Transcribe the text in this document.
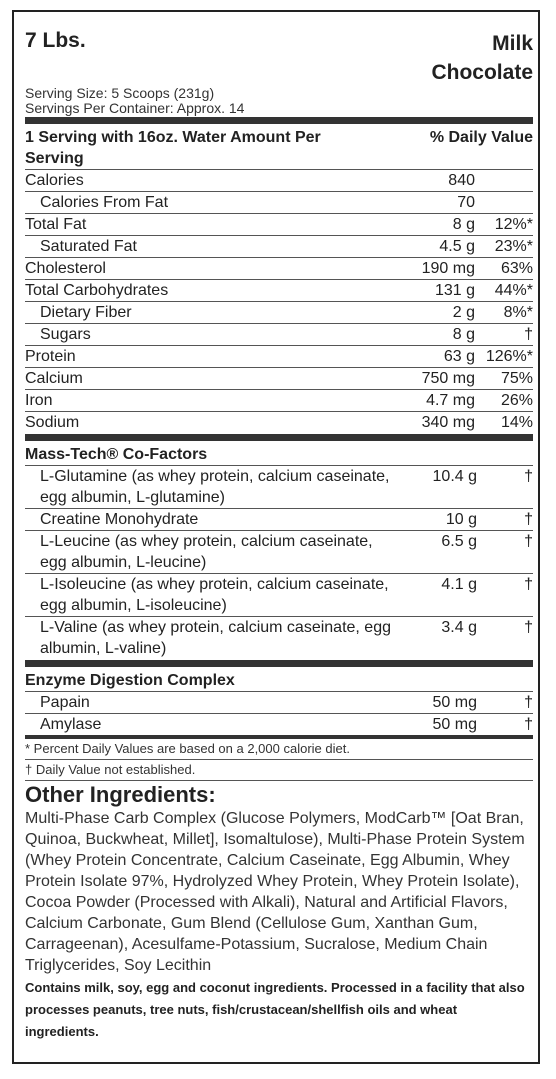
7 Lbs.	Milk
Chocolate
Serving Size: 5 Scoops (231g)
Servings Per Container: Approx. 14
1 Serving with 16oz. Water Amount Per Serving
% Daily Value
Calories	840
Calories From Fat	70
Total Fat	8 g	12%*
Saturated Fat	4.5 g	23%*
Cholesterol	190 mg	63%
Total Carbohydrates	131 g	44%*
Dietary Fiber	2 g	8%*
Sugars	8 g	†
Protein	63 g 126%*
Calcium	750 mg	75%
Iron	4.7 mg	26%
Sodium	340 mg	14%
Mass-Tech® Co-Factors
L-Glutamine (as whey protein, calcium caseinate, egg albumin, L-glutamine)
10.4 g	†
Creatine Monohydrate	10 g	†
L-Leucine (as whey protein, calcium caseinate, egg albumin, L-leucine)
6.5 g	†
L-Isoleucine (as whey protein, calcium caseinate, egg albumin, L-isoleucine)
4.1 g	†
L-Valine (as whey protein, calcium caseinate, egg albumin, L-valine)
3.4 g	†
Enzyme Digestion Complex
Papain	50 mg	†
Amylase	50 mg	†
* Percent Daily Values are based on a 2,000 calorie diet.
† Daily Value not established.
Other Ingredients:
Multi-Phase Carb Complex (Glucose Polymers, ModCarb™ [Oat Bran, Quinoa, Buckwheat, Millet], Isomaltulose), Multi-Phase Protein System (Whey Protein Concentrate, Calcium Caseinate, Egg Albumin, Whey Protein Isolate 97%, Hydrolyzed Whey Protein, Whey Protein Isolate), Cocoa Powder (Processed with Alkali), Natural and Artificial Flavors, Calcium Carbonate, Gum Blend (Cellulose Gum, Xanthan Gum, Carrageenan), Acesulfame-Potassium, Sucralose, Medium Chain Triglycerides, Soy Lecithin
Contains milk, soy, egg and coconut ingredients. Processed in a facility that also processes peanuts, tree nuts, fish/crustacean/shellfish oils and wheat ingredients.
